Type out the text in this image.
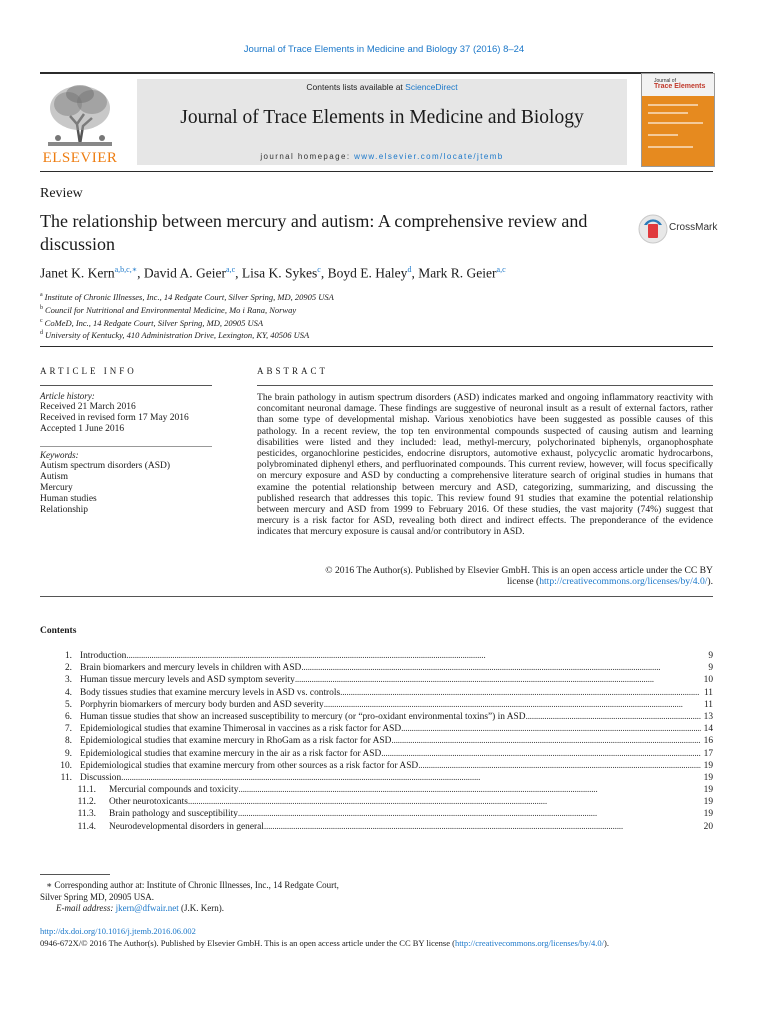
Journal of Trace Elements in Medicine and Biology 37 (2016) 8–24
ELSEVIER
Contents lists available at ScienceDirect
Journal of Trace Elements in Medicine and Biology
journal homepage: www.elsevier.com/locate/jtemb
Journal of
Trace Elements
Review
The relationship between mercury and autism: A comprehensive review and discussion
CrossMark
Janet K. Kern$^{a,b,c,∗}$, David A. Geier$^{a,c}$, Lisa K. Sykes$^c$, Boyd E. Haley$^d$, Mark R. Geier$^{a,c}$
$^a$ Institute of Chronic Illnesses, Inc., 14 Redgate Court, Silver Spring, MD, 20905 USA
$^b$ Council for Nutritional and Environmental Medicine, Mo i Rana, Norway
$^c$ CoMeD, Inc., 14 Redgate Court, Silver Spring, MD, 20905 USA
$^d$ University of Kentucky, 410 Administration Drive, Lexington, KY, 40506 USA
ARTICLE INFO
Article history:
Received 21 March 2016
Received in revised form 17 May 2016
Accepted 1 June 2016
Keywords:
Autism spectrum disorders (ASD)
Autism
Mercury
Human studies
Relationship
ABSTRACT
The brain pathology in autism spectrum disorders (ASD) indicates marked and ongoing inflammatory reactivity with concomitant neuronal damage. These findings are suggestive of neuronal insult as a result of external factors, rather than some type of developmental mishap. Various xenobiotics have been suggested as possible causes of this pathology. In a recent review, the top ten environmental compounds suspected of causing autism and learning disabilities were listed and they included: lead, methyl-mercury, polychorinated biphenyls, organophosphate pesticides, organochlorine pesticides, endocrine disruptors, automotive exhaust, polycyclic aromatic hydrocarbons, polybrominated diphenyl ethers, and perfluorinated compounds. This current review, however, will focus specifically on mercury exposure and ASD by conducting a comprehensive literature search of original studies in humans that examine the potential relationship between mercury and ASD, categorizing, summarizing, and discussing the published research that addresses this topic. This review found 91 studies that examine the potential relationship between mercury and ASD from 1999 to February 2016. Of these studies, the vast majority (74%) suggest that mercury is a risk factor for ASD, revealing both direct and indirect effects. The preponderance of the evidence indicates that mercury exposure is causal and/or contributory in ASD.
© 2016 The Author(s). Published by Elsevier GmbH. This is an open access article under the CC BY
license (http://creativecommons.org/licenses/by/4.0/).
Contents
1. Introduction . . .	9
2. Brain biomarkers and mercury levels in children with ASD . . .	9
3. Human tissue mercury levels and ASD symptom severity . . .	10
4. Body tissues studies that examine mercury levels in ASD vs. controls . . .	11
5. Porphyrin biomarkers of mercury body burden and ASD severity . . .	11
6. Human tissue studies that show an increased susceptibility to mercury (or “pro-oxidant environmental toxins”) in ASD . . .	13
7. Epidemiological studies that examine Thimerosal in vaccines as a risk factor for ASD . . .	14
8. Epidemiological studies that examine mercury in RhoGam as a risk factor for ASD . . .	16
9. Epidemiological studies that examine mercury in the air as a risk factor for ASD . . .	17
10. Epidemiological studies that examine mercury from other sources as a risk factor for ASD . . .	19
11. Discussion . . .	19
11.1.	Mercurial compounds and toxicity . . .	19
11.2.	Other neurotoxicants . . .	19
11.3.	Brain pathology and susceptibility . . .	19
11.4.	Neurodevelopmental disorders in general . . .	20
∗ Corresponding author at: Institute of Chronic Illnesses, Inc., 14 Redgate Court,
Silver Spring MD, 20905 USA.
E-mail address: jkern@dfwair.net (J.K. Kern).
http://dx.doi.org/10.1016/j.jtemb.2016.06.002
0946-672X/© 2016 The Author(s). Published by Elsevier GmbH. This is an open access article under the CC BY license (http://creativecommons.org/licenses/by/4.0/).
